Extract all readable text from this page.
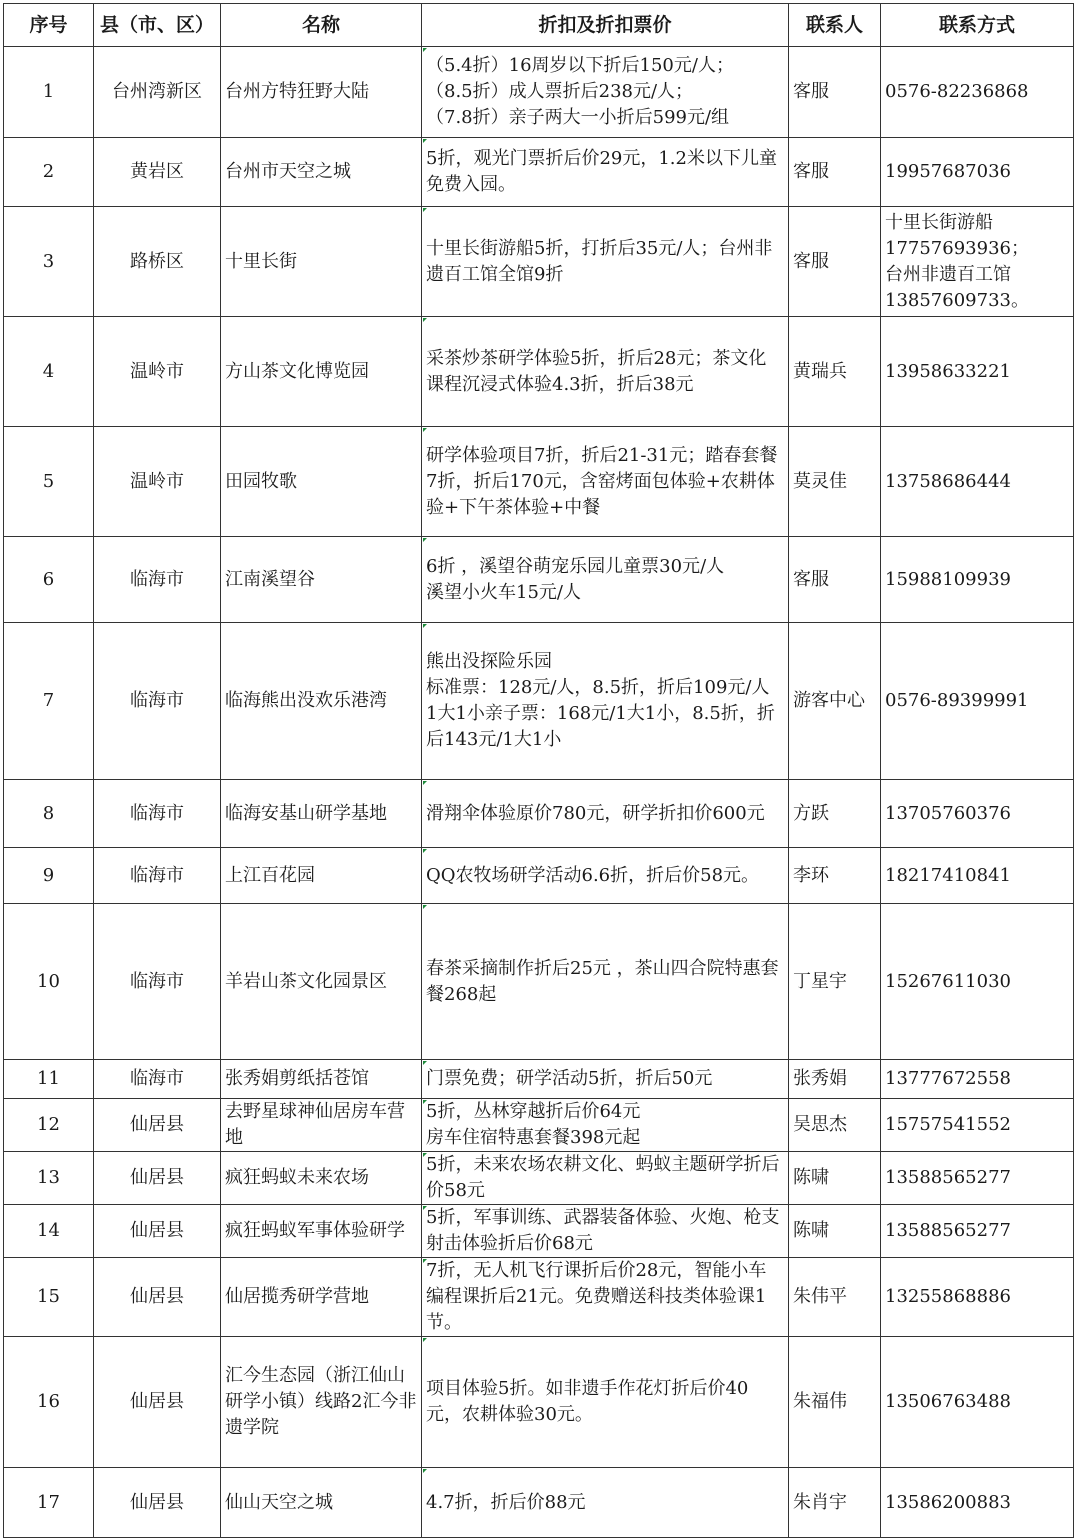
序号	县（市、区）	名称	折扣及折扣票价	联系人	联系方式
1	台州湾新区	台州方特狂野大陆	（5.4折）16周岁以下折后150元/人；
（8.5折）成人票折后238元/人；
（7.8折）亲子两大一小折后599元/组	客服	0576-82236868
2	黄岩区	台州市天空之城	5折，观光门票折后价29元，1.2米以下儿童免费入园。	客服	19957687036
3	路桥区	十里长街	十里长街游船5折，打折后35元/人；台州非遗百工馆全馆9折	客服	十里长街游船
17757693936；
台州非遗百工馆
13857609733。
4	温岭市	方山茶文化博览园	采茶炒茶研学体验5折，折后28元；茶文化课程沉浸式体验4.3折，折后38元	黄瑞兵	13958633221
5	温岭市	田园牧歌	研学体验项目7折，折后21-31元；踏春套餐7折，折后170元，含窑烤面包体验+农耕体验+下午茶体验+中餐	莫灵佳	13758686444
6	临海市	江南溪望谷	6折 ，溪望谷萌宠乐园儿童票30元/人
溪望小火车15元/人	客服	15988109939
7	临海市	临海熊出没欢乐港湾	熊出没探险乐园
标准票：128元/人，8.5折，折后109元/人
1大1小亲子票：168元/1大1小，8.5折，折后143元/1大1小	游客中心	0576-89399991
8	临海市	临海安基山研学基地	滑翔伞体验原价780元，研学折扣价600元	方跃	13705760376
9	临海市	上江百花园	QQ农牧场研学活动6.6折，折后价58元。	李环	18217410841
10	临海市	羊岩山茶文化园景区	春茶采摘制作折后25元 ，茶山四合院特惠套餐268起	丁星宇	15267611030
11	临海市	张秀娟剪纸括苍馆	门票免费；研学活动5折，折后50元	张秀娟	13777672558
12	仙居县	去野星球神仙居房车营地	5折，丛林穿越折后价64元
房车住宿特惠套餐398元起	吴思杰	15757541552
13	仙居县	疯狂蚂蚁未来农场	5折，未来农场农耕文化、蚂蚁主题研学折后价58元	陈啸	13588565277
14	仙居县	疯狂蚂蚁军事体验研学	5折，军事训练、武器装备体验、火炮、枪支射击体验折后价68元	陈啸	13588565277
15	仙居县	仙居揽秀研学营地	7折，无人机飞行课折后价28元，智能小车编程课折后21元。免费赠送科技类体验课1节。	朱伟平	13255868886
16	仙居县	汇今生态园（浙江仙山研学小镇）线路2汇今非遗学院	项目体验5折。如非遗手作花灯折后价40元，农耕体验30元。	朱福伟	13506763488
17	仙居县	仙山天空之城	4.7折，折后价88元	朱肖宇	13586200883
